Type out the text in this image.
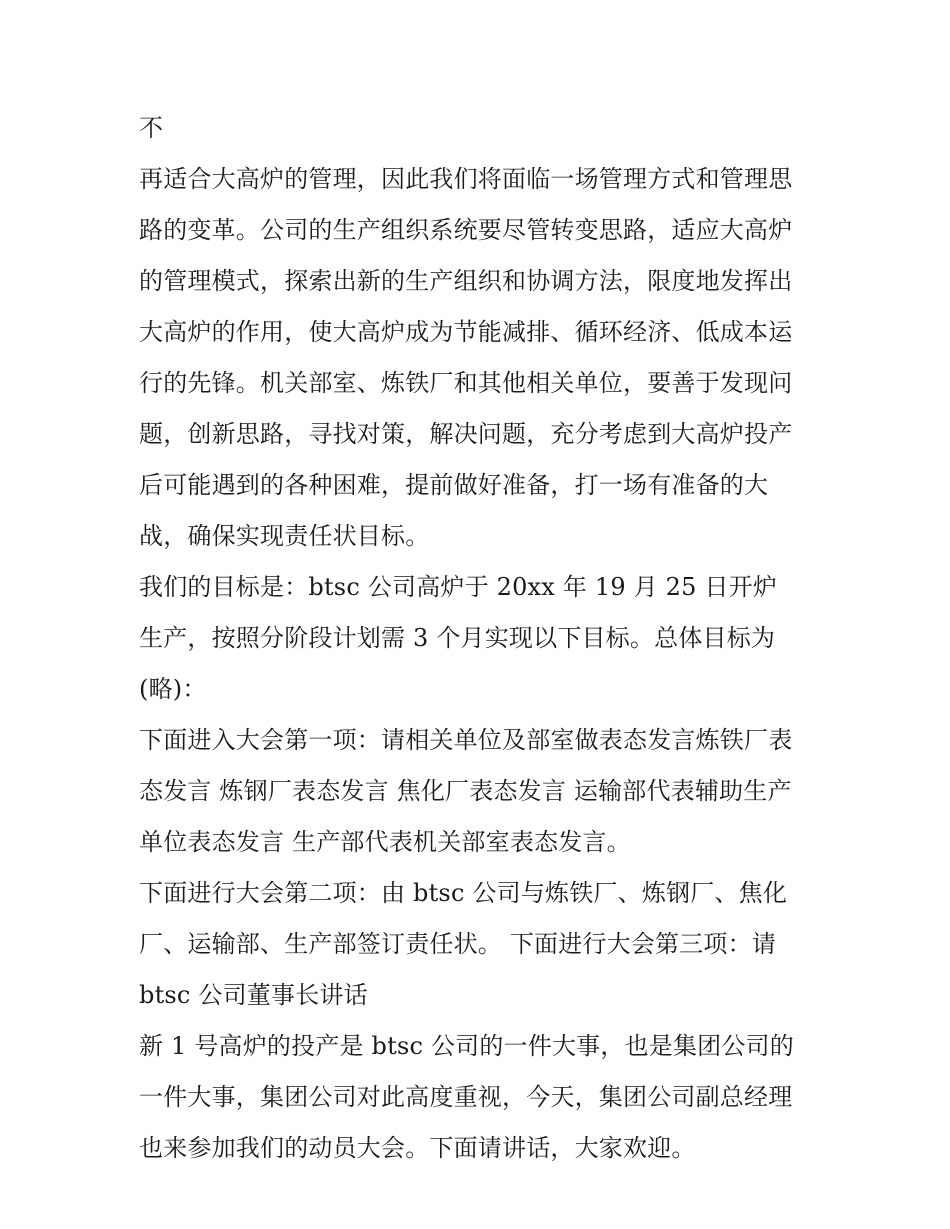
不

再适合大高炉的管理，因此我们将面临一场管理方式和管理思路的变革。公司的生产组织系统要尽管转变思路，适应大高炉的管理模式，探索出新的生产组织和协调方法，限度地发挥出大高炉的作用，使大高炉成为节能减排、循环经济、低成本运行的先锋。机关部室、炼铁厂和其他相关单位，要善于发现问题，创新思路，寻找对策，解决问题，充分考虑到大高炉投产后可能遇到的各种困难，提前做好准备，打一场有准备的大战，确保实现责任状目标。

我们的目标是：btsc 公司高炉于 20xx 年 19 月 25 日开炉生产，按照分阶段计划需 3 个月实现以下目标。总体目标为(略)：

下面进入大会第一项：请相关单位及部室做表态发言炼铁厂表态发言 炼钢厂表态发言 焦化厂表态发言 运输部代表辅助生产单位表态发言 生产部代表机关部室表态发言。

下面进行大会第二项：由 btsc 公司与炼铁厂、炼钢厂、焦化厂、运输部、生产部签订责任状。 下面进行大会第三项：请 btsc 公司董事长讲话

新 1 号高炉的投产是 btsc 公司的一件大事，也是集团公司的一件大事，集团公司对此高度重视，今天，集团公司副总经理也来参加我们的动员大会。下面请讲话，大家欢迎。
